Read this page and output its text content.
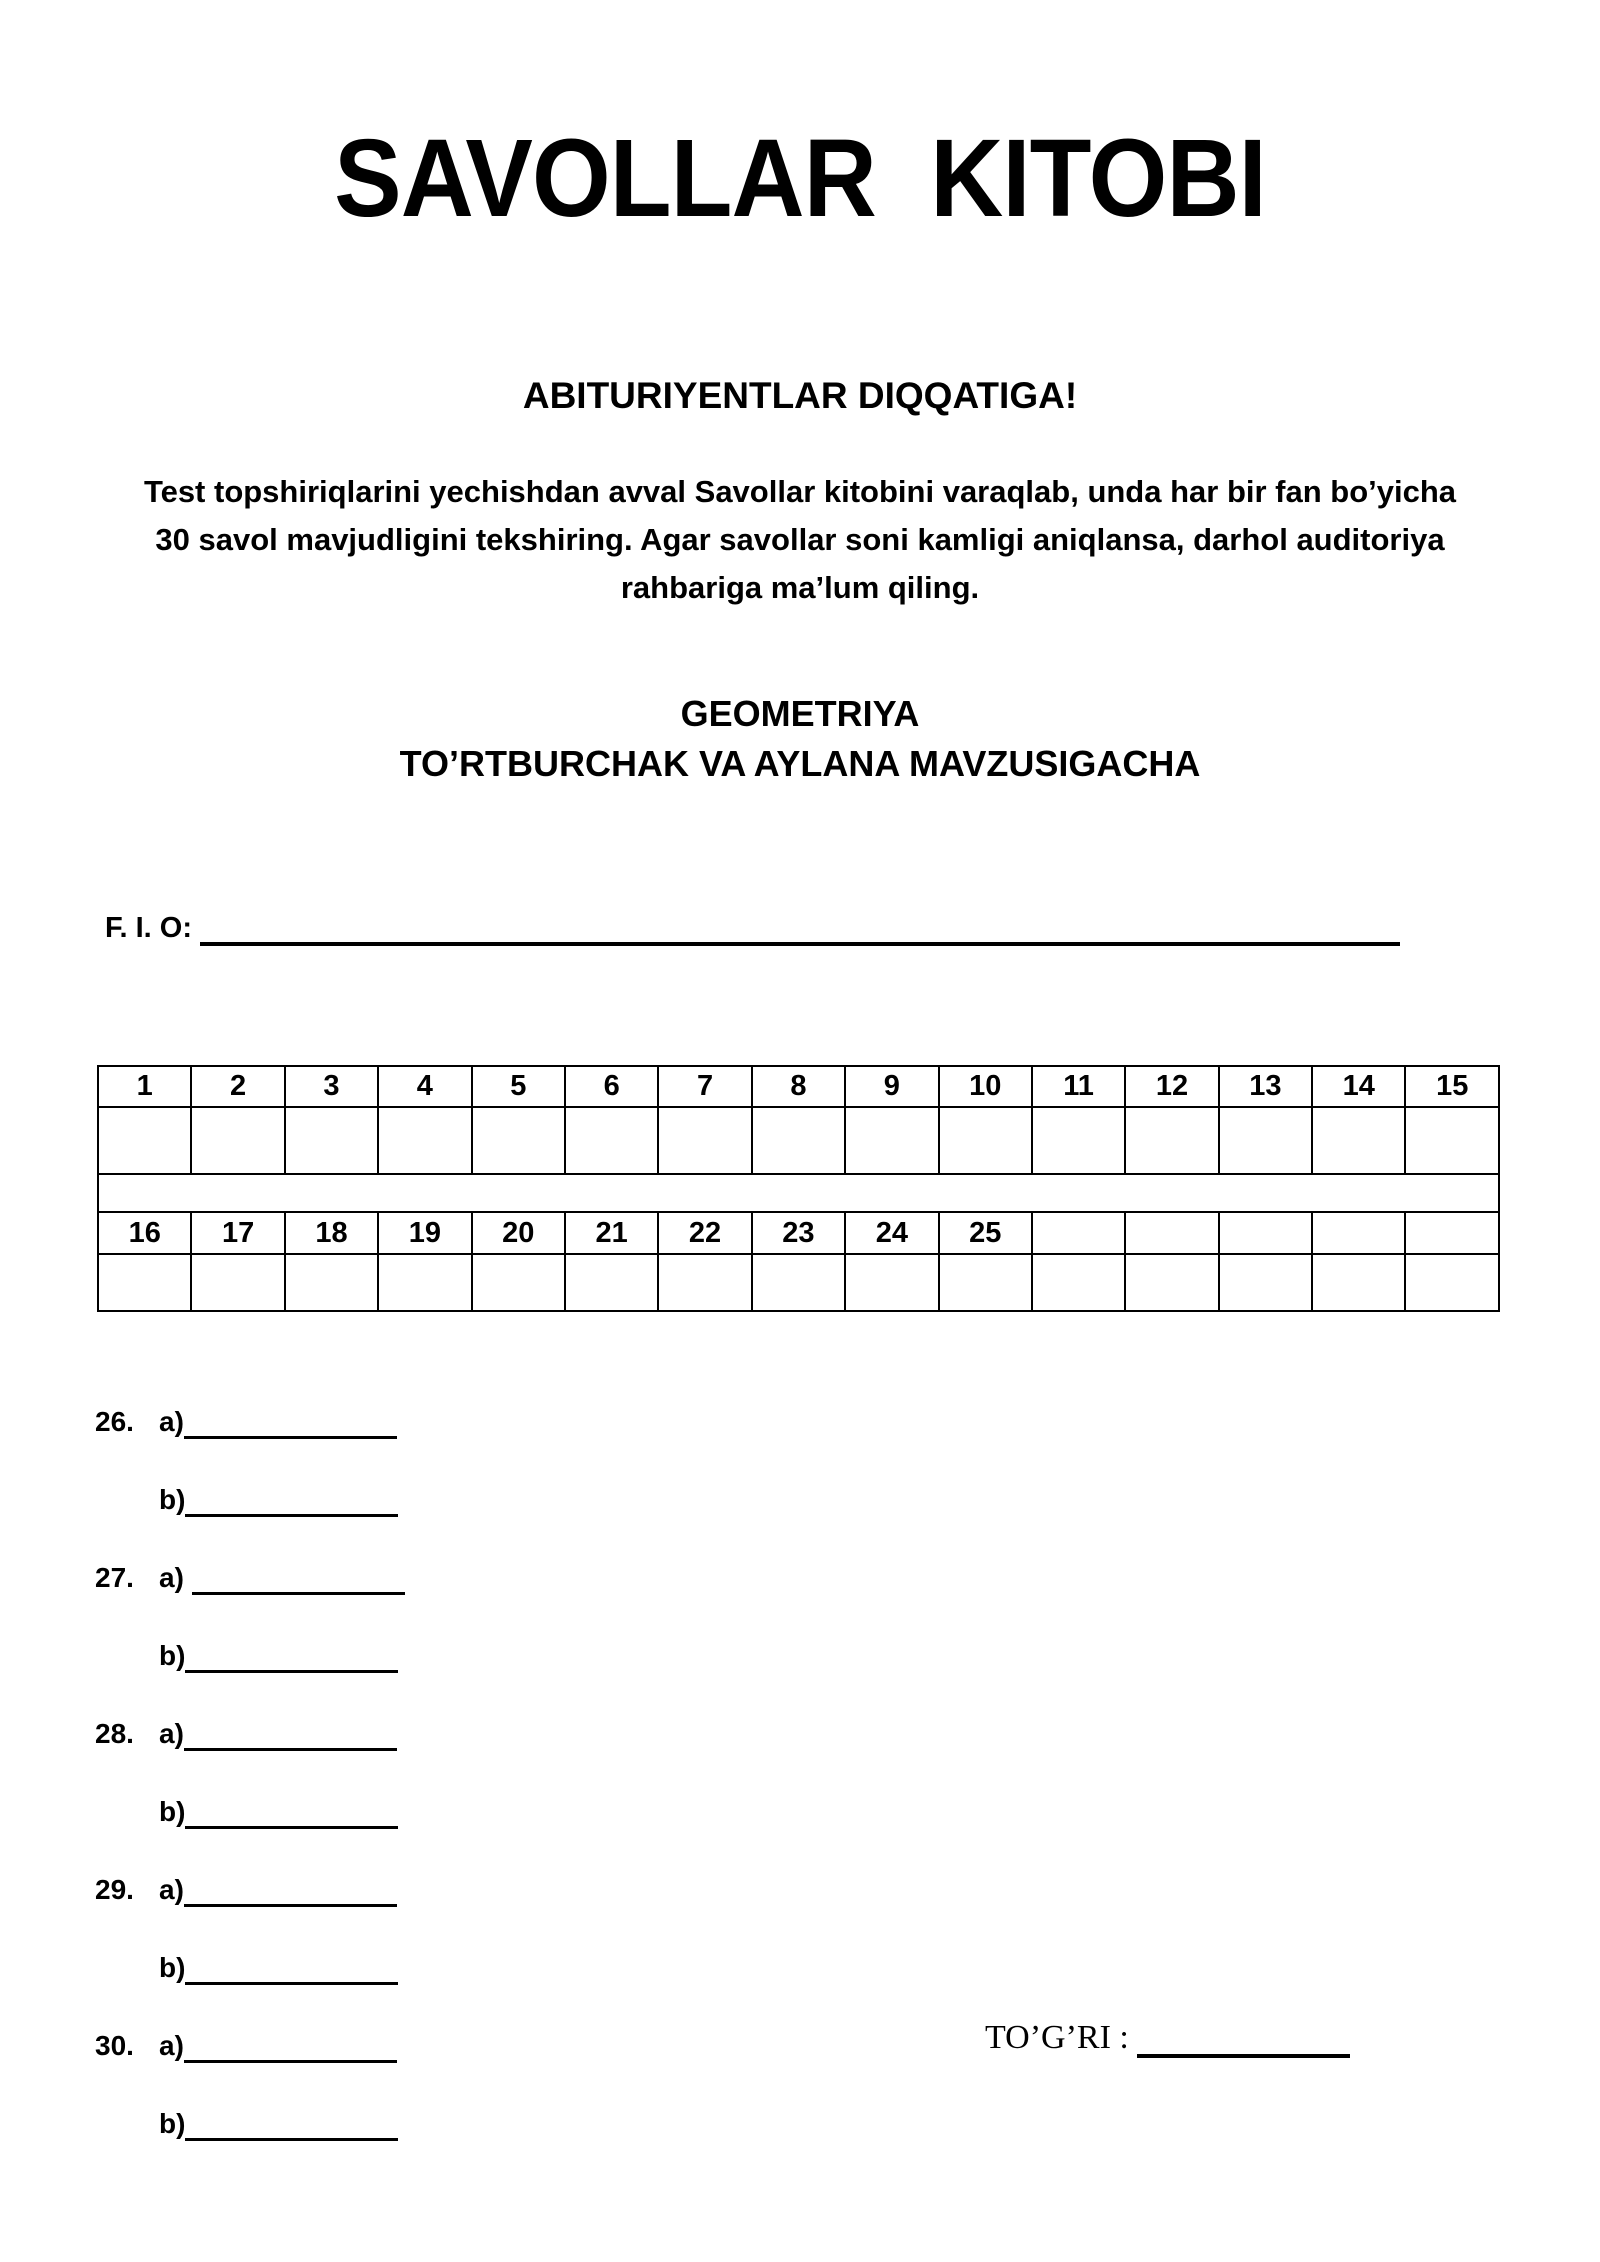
SAVOLLAR  KITOBI
ABITURIYENTLAR DIQQATIGA!
Test topshiriqlarini yechishdan avval Savollar kitobini varaqlab, unda har bir fan bo’yicha
30 savol mavjudligini tekshiring. Agar savollar soni kamligi aniqlansa, darhol auditoriya
rahbariga ma’lum qiling.
GEOMETRIYA
TO’RTBURCHAK VA AYLANA MAVZUSIGACHA
F. I. O:
1	2	3	4	5	6	7	8	9	10	11	12	13	14	15

16	17	18	19	20	21	22	23	24	25					

26. a)
b)
27. a)
b)
28. a)
b)
29. a)
b)
30. a)
b)
TO’G’RI :
